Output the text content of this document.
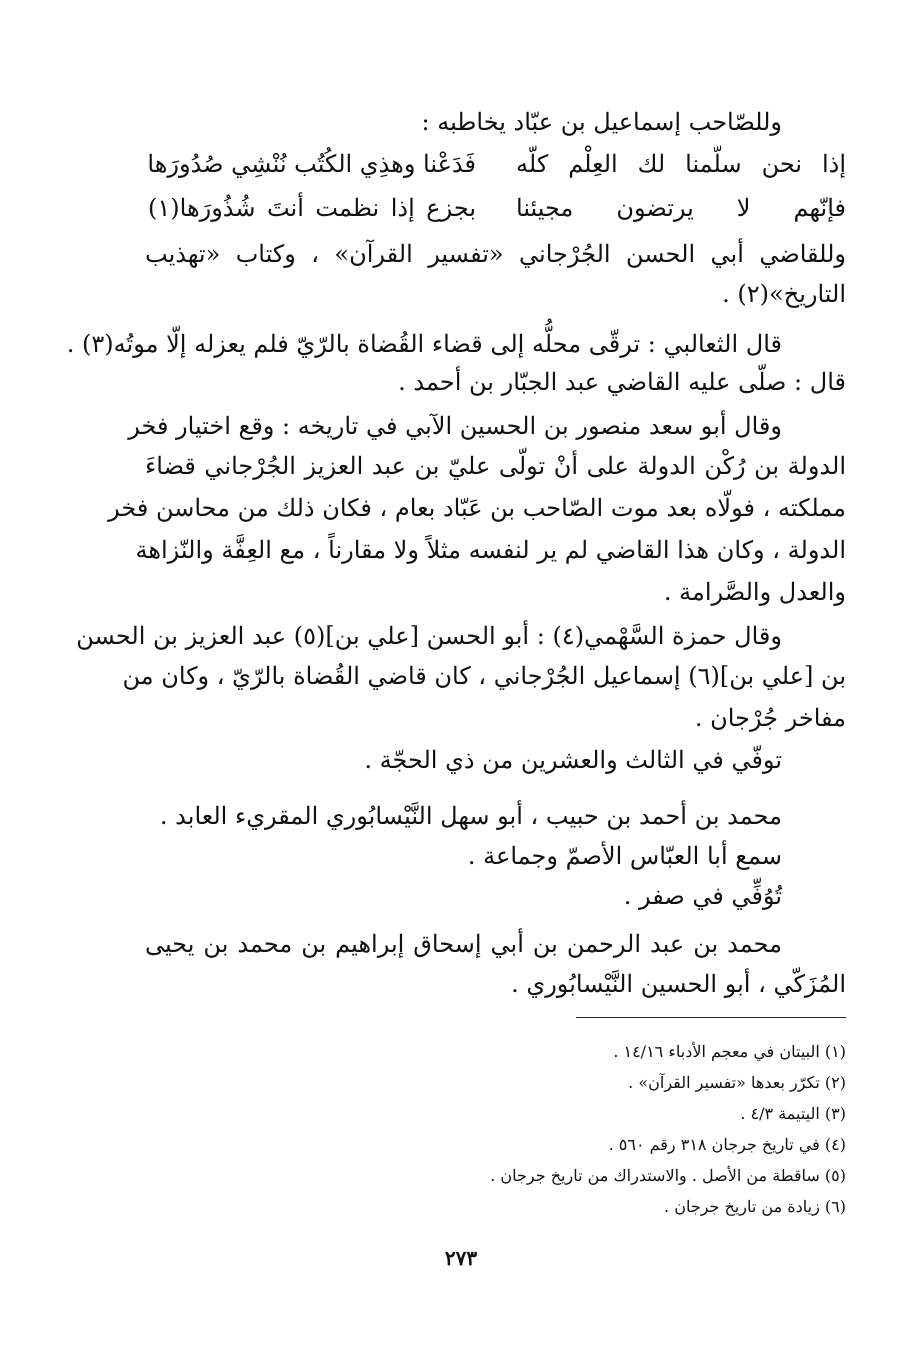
وللصّاحب إسماعيل بن عبّاد يخاطبه :
إذا نحن سلّمنا لك العِلْم كلّه
فَدَعْنا وهذِي الكُتُب نُنْشِي صُدُورَها
فإنّهم لا يرتضون مجيئنا
بجزع إذا نظمت أنتَ شُذُورَها(١)
وللقاضي أبي الحسن الجُرْجاني «تفسير القرآن» ، وكتاب «تهذيب
التاريخ»(٢) .
قال الثعالبي : ترقّى محلُّه إلى قضاء القُضاة بالرّيّ فلم يعزله إلّا موتُه(٣) .
قال : صلّى عليه القاضي عبد الجبّار بن أحمد .
وقال أبو سعد منصور بن الحسين الآبي في تاريخه : وقع اختيار فخر
الدولة بن رُكْن الدولة على أنْ تولّى عليّ بن عبد العزيز الجُرْجاني قضاءَ
مملكته ، فولّاه بعد موت الصّاحب بن عَبّاد بعام ، فكان ذلك من محاسن فخر
الدولة ، وكان هذا القاضي لم ير لنفسه مثلاً ولا مقارناً ، مع العِفَّة والنّزاهة
والعدل والصَّرامة .
وقال حمزة السَّهْمي(٤) : أبو الحسن [علي بن](٥) عبد العزيز بن الحسن
بن [علي بن](٦) إسماعيل الجُرْجاني ، كان قاضي القُضاة بالرّيّ ، وكان من
مفاخر جُرْجان .
توفّي في الثالث والعشرين من ذي الحجّة .
محمد بن أحمد بن حبيب ، أبو سهل النَّيْسابُوري المقريء العابد .
سمع أبا العبّاس الأصمّ وجماعة .
تُوُفِّي في صفر .
محمد بن عبد الرحمن بن أبي إسحاق إبراهيم بن محمد بن يحيى
المُزَكّي ، أبو الحسين النَّيْسابُوري .
(١) البيتان في معجم الأدباء ١٤/١٦ .
(٢) تكرّر بعدها «تفسير القرآن» .
(٣) اليتيمة ٤/٣ .
(٤) في تاريخ جرجان ٣١٨ رقم ٥٦٠ .
(٥) ساقطة من الأصل . والاستدراك من تاريخ جرجان .
(٦) زيادة من تاريخ جرجان .
٢٧٣
